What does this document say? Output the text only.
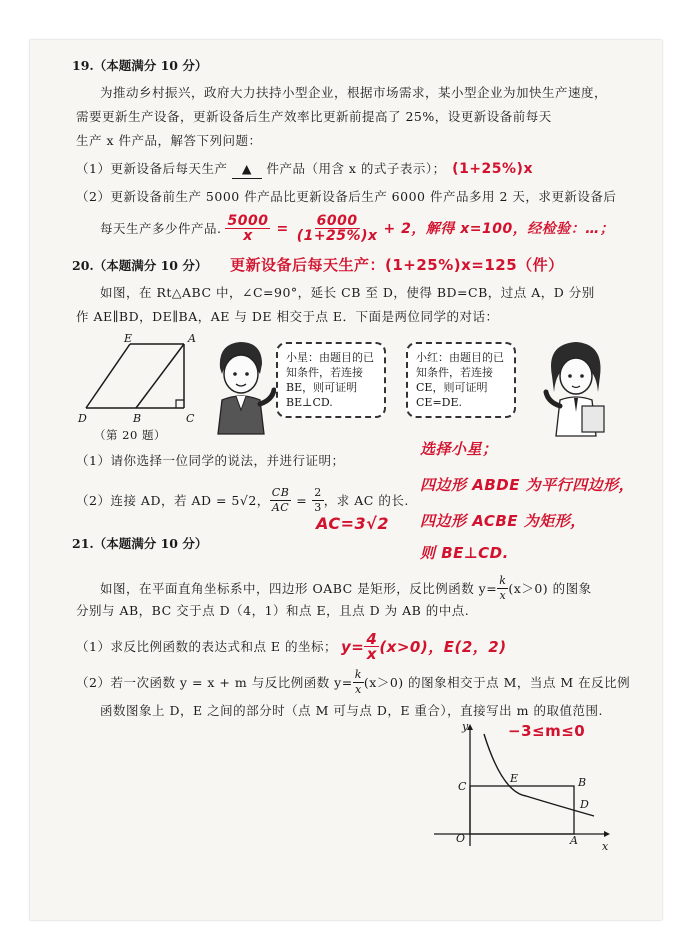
19.（本题满分 10 分）
为推动乡村振兴，政府大力扶持小型企业，根据市场需求，某小型企业为加快生产速度，
需要更新生产设备，更新设备后生产效率比更新前提高了 25%，设更新设备前每天
生产 x 件产品，解答下列问题：
（1）更新设备后每天生产 ▲ 件产品（用含 x 的式子表示）； (1+25%)x
（2）更新设备前生产 5000 件产品比更新设备后生产 6000 件产品多用 2 天，求更新设备后
每天生产多少件产品. $\frac{5000}{x} = \frac{6000}{(1+25\%)x} + 2$，解得 x=100，经检验：…；
20.（本题满分 10 分） 更新设备后每天生产：(1+25%)x=125（件）
如图，在 Rt△ABC 中，∠C=90°，延长 CB 至 D，使得 BD=CB，过点 A，D 分别
作 AE∥BD，DE∥BA，AE 与 DE 相交于点 E．下面是两位同学的对话：
E	A
D	B	C
（第 20 题）
小星：由题目的已知条件，若连接 BE，则可证明 BE⊥CD.
小红：由题目的已知条件，若连接 CE，则可证明 CE=DE.
（1）请你选择一位同学的说法，并进行证明；
选择小星；
四边形 ABDE 为平行四边形，
（2）连接 AD，若 AD = 5√2， $\frac{CB}{AC} = \frac{2}{3}$ ，求 AC 的长.
AC=3√2 四边形 ACBE 为矩形，
则 BE⊥CD.
21.（本题满分 10 分）
如图，在平面直角坐标系中，四边形 OABC 是矩形，反比例函数 $y= \frac{k}{x} (x>0)$ 的图象
分别与 AB，BC 交于点 D（4，1）和点 E，且点 D 为 AB 的中点.
（1）求反比例函数的表达式和点 E 的坐标； $y= \frac{4}{x} (x>0)$，E(2，2)
（2）若一次函数 y = x + m 与反比例函数 $y= \frac{k}{x} (x>0)$ 的图象相交于点 M，当点 M 在反比例
函数图象上 D，E 之间的部分时（点 M 可与点 D，E 重合），直接写出 m 的取值范围.
−3≤m≤0
y
x
O	A
B
C
D
E
